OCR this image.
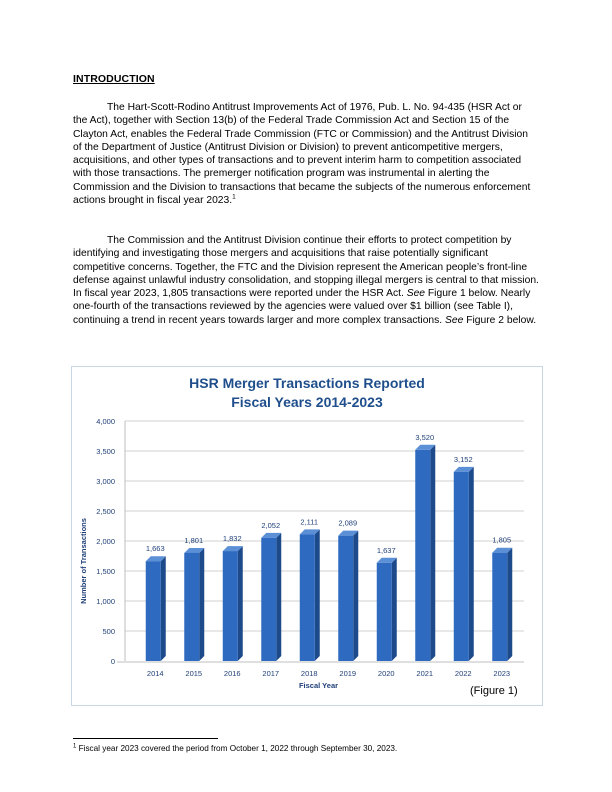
INTRODUCTION

The Hart-Scott-Rodino Antitrust Improvements Act of 1976, Pub. L. No. 94-435 (HSR Act or the Act), together with Section 13(b) of the Federal Trade Commission Act and Section 15 of the Clayton Act, enables the Federal Trade Commission (FTC or Commission) and the Antitrust Division of the Department of Justice (Antitrust Division or Division) to prevent anticompetitive mergers, acquisitions, and other types of transactions and to prevent interim harm to competition associated with those transactions. The premerger notification program was instrumental in alerting the Commission and the Division to transactions that became the subjects of the numerous enforcement actions brought in fiscal year 2023.$^1$

The Commission and the Antitrust Division continue their efforts to protect competition by identifying and investigating those mergers and acquisitions that raise potentially significant competitive concerns. Together, the FTC and the Division represent the American people’s front-line defense against unlawful industry consolidation, and stopping illegal mergers is central to that mission. In fiscal year 2023, 1,805 transactions were reported under the HSR Act. See Figure 1 below. Nearly one-fourth of the transactions reviewed by the agencies were valued over $1 billion (see Table I), continuing a trend in recent years towards larger and more complex transactions. See Figure 2 below.

HSR Merger Transactions Reported
Fiscal Years 2014-2023
0
500
1,000
1,500
2,000
2,500
3,000
3,500
4,000
1,663
2014
1,801
2015
1,832
2016
2,052
2017
2,111
2018
2,089
2019
1,637
2020
3,520
2021
3,152
2022
1,805
2023
Fiscal Year
Number of Transactions
(Figure 1)
$^1$ Fiscal year 2023 covered the period from October 1, 2022 through September 30, 2023.
